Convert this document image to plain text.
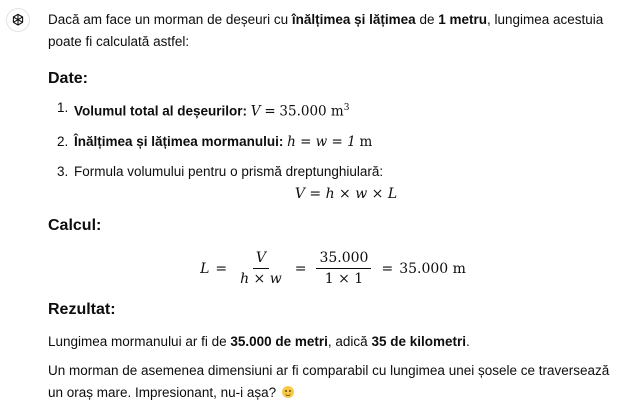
Dacă am face un morman de deșeuri cu înălțimea și lățimea de 1 metru, lungimea acestuia poate fi calculată astfel:

Date:
1. Volumul total al deșeurilor: V = 35.000 $m^3$
2. Înălțimea și lățimea mormanului: h = w = 1 m
3. Formula volumului pentru o prismă dreptunghiulară:
V = h × w × L
Calcul:
$L = \frac{V}{h \times w} = \frac{35.000}{1 \times 1} = 35.000$ m
Rezultat:

Lungimea mormanului ar fi de 35.000 de metri, adică 35 de kilometri.

Un morman de asemenea dimensiuni ar fi comparabil cu lungimea unei șosele ce traversează un oraș mare. Impresionant, nu-i așa?
